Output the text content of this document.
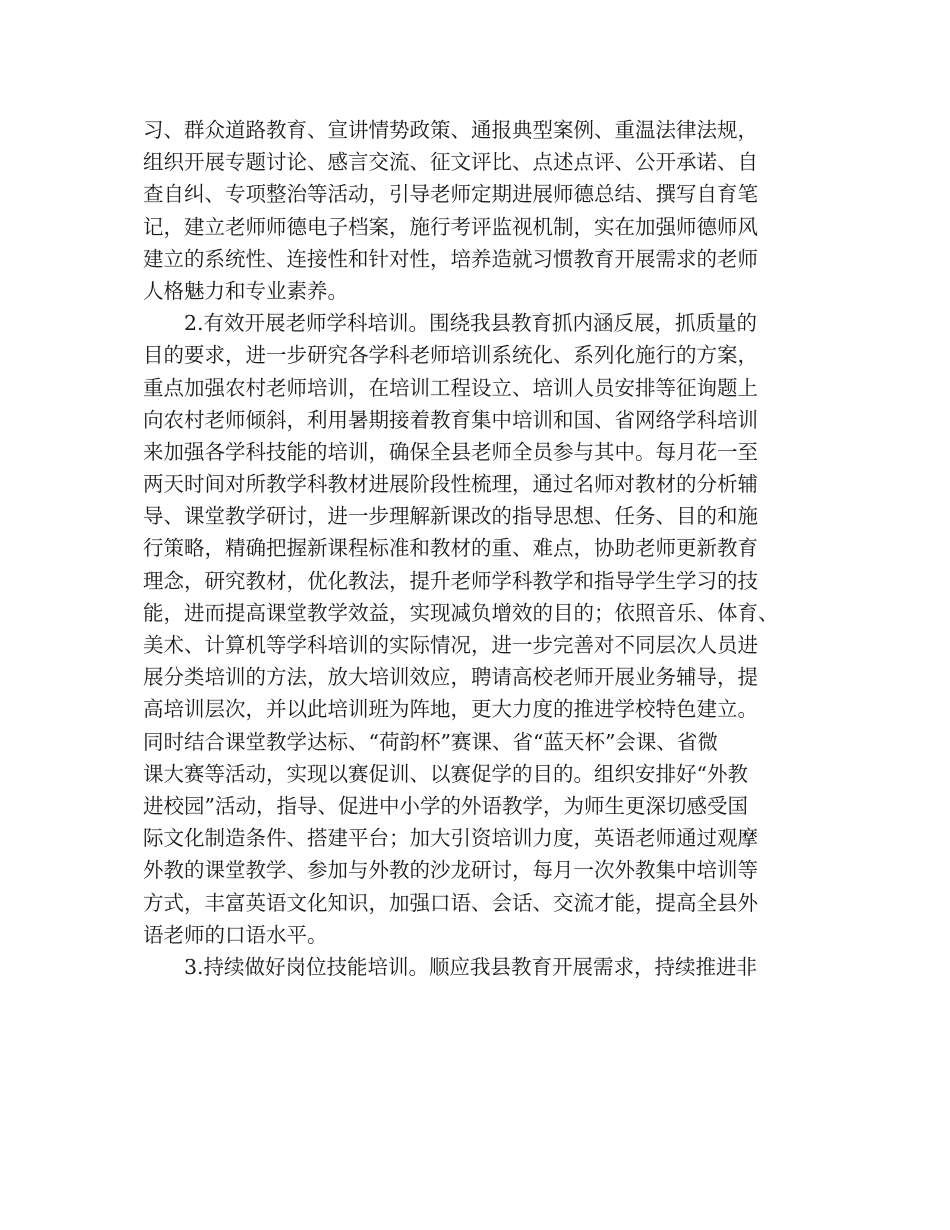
习、群众道路教育、宣讲情势政策、通报典型案例、重温法律法规，
组织开展专题讨论、感言交流、征文评比、点述点评、公开承诺、自
查自纠、专项整治等活动，引导老师定期进展师德总结、撰写自育笔
记，建立老师师德电子档案，施行考评监视机制，实在加强师德师风
建立的系统性、连接性和针对性，培养造就习惯教育开展需求的老师
人格魅力和专业素养。
　　2.有效开展老师学科培训。围绕我县教育抓内涵反展，抓质量的
目的要求，进一步研究各学科老师培训系统化、系列化施行的方案，
重点加强农村老师培训，在培训工程设立、培训人员安排等征询题上
向农村老师倾斜，利用暑期接着教育集中培训和国、省网络学科培训
来加强各学科技能的培训，确保全县老师全员参与其中。每月花一至
两天时间对所教学科教材进展阶段性梳理，通过名师对教材的分析辅
导、课堂教学研讨，进一步理解新课改的指导思想、任务、目的和施
行策略，精确把握新课程标准和教材的重、难点，协助老师更新教育
理念，研究教材，优化教法，提升老师学科教学和指导学生学习的技
能，进而提高课堂教学效益，实现减负增效的目的；依照音乐、体育、
美术、计算机等学科培训的实际情况，进一步完善对不同层次人员进
展分类培训的方法，放大培训效应，聘请高校老师开展业务辅导，提
高培训层次，并以此培训班为阵地，更大力度的推进学校特色建立。
同时结合课堂教学达标、“荷韵杯”赛课、省“蓝天杯”会课、省微
课大赛等活动，实现以赛促训、以赛促学的目的。组织安排好“外教
进校园”活动，指导、促进中小学的外语教学，为师生更深切感受国
际文化制造条件、搭建平台；加大引资培训力度，英语老师通过观摩
外教的课堂教学、参加与外教的沙龙研讨，每月一次外教集中培训等
方式，丰富英语文化知识，加强口语、会话、交流才能，提高全县外
语老师的口语水平。
　　3.持续做好岗位技能培训。顺应我县教育开展需求，持续推进非
